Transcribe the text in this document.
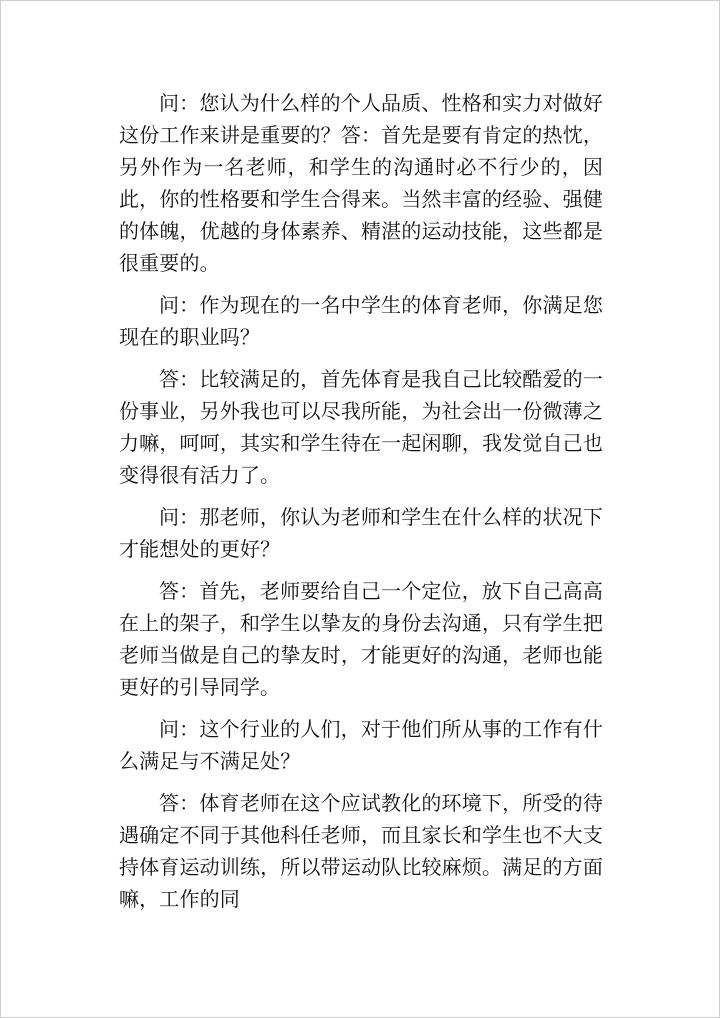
问：您认为什么样的个人品质、性格和实力对做好这份工作来讲是重要的？答：首先是要有肯定的热忱，另外作为一名老师，和学生的沟通时必不行少的，因此，你的性格要和学生合得来。当然丰富的经验、强健的体魄，优越的身体素养、精湛的运动技能，这些都是很重要的。

问：作为现在的一名中学生的体育老师，你满足您现在的职业吗？

答：比较满足的，首先体育是我自己比较酷爱的一份事业，另外我也可以尽我所能，为社会出一份微薄之力嘛，呵呵，其实和学生待在一起闲聊，我发觉自己也变得很有活力了。

问：那老师，你认为老师和学生在什么样的状况下才能想处的更好？

答：首先，老师要给自己一个定位，放下自己高高在上的架子，和学生以挚友的身份去沟通，只有学生把老师当做是自己的挚友时，才能更好的沟通，老师也能更好的引导同学。

问：这个行业的人们，对于他们所从事的工作有什么满足与不满足处？

答：体育老师在这个应试教化的环境下，所受的待遇确定不同于其他科任老师，而且家长和学生也不大支持体育运动训练，所以带运动队比较麻烦。满足的方面嘛，工作的同
